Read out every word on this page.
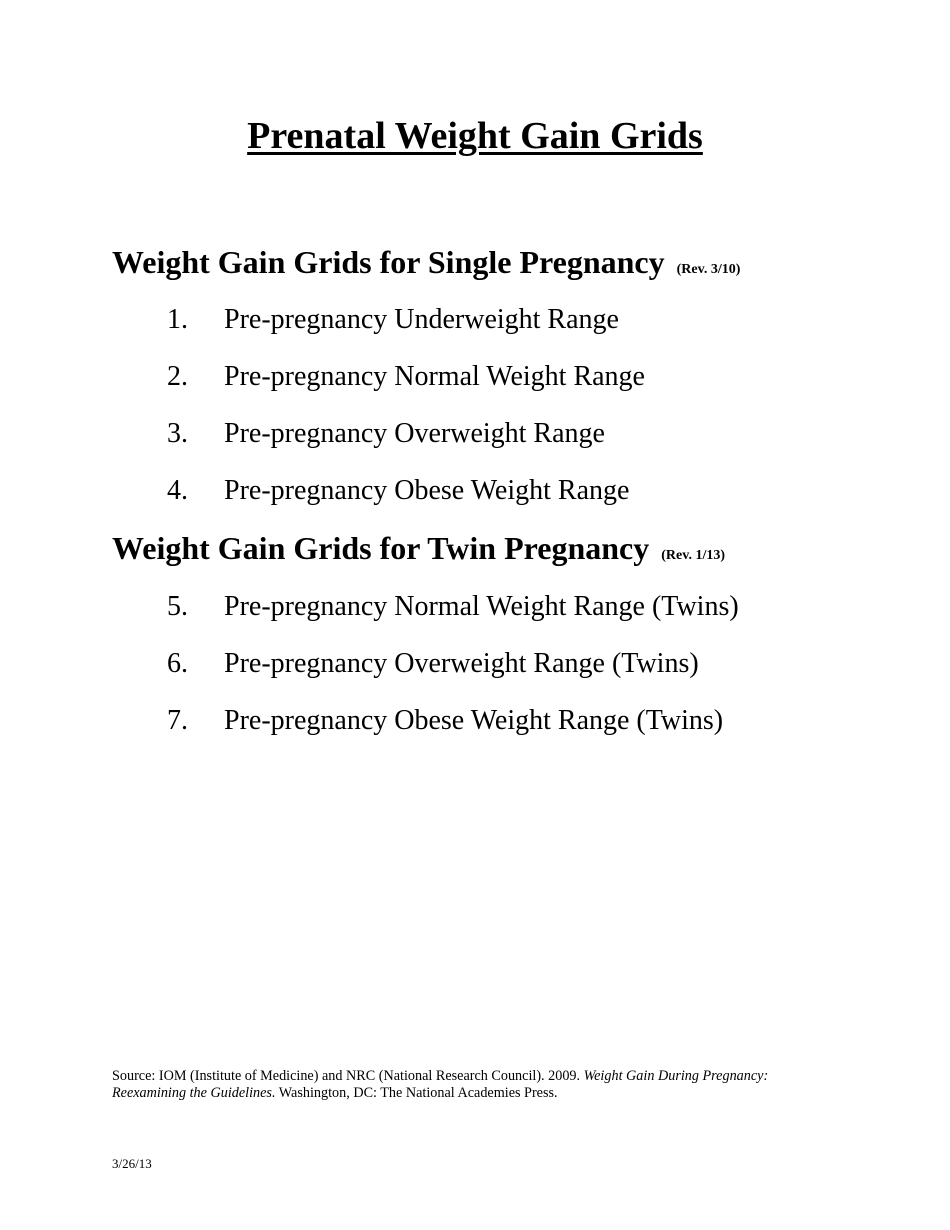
Prenatal Weight Gain Grids
Weight Gain Grids for Single Pregnancy (Rev. 3/10)
1. Pre-pregnancy Underweight Range
2. Pre-pregnancy Normal Weight Range
3. Pre-pregnancy Overweight Range
4. Pre-pregnancy Obese Weight Range
Weight Gain Grids for Twin Pregnancy (Rev. 1/13)
5. Pre-pregnancy Normal Weight Range (Twins)
6. Pre-pregnancy Overweight Range (Twins)
7. Pre-pregnancy Obese Weight Range (Twins)
Source: IOM (Institute of Medicine) and NRC (National Research Council). 2009. Weight Gain During Pregnancy: Reexamining the Guidelines. Washington, DC: The National Academies Press.
3/26/13
